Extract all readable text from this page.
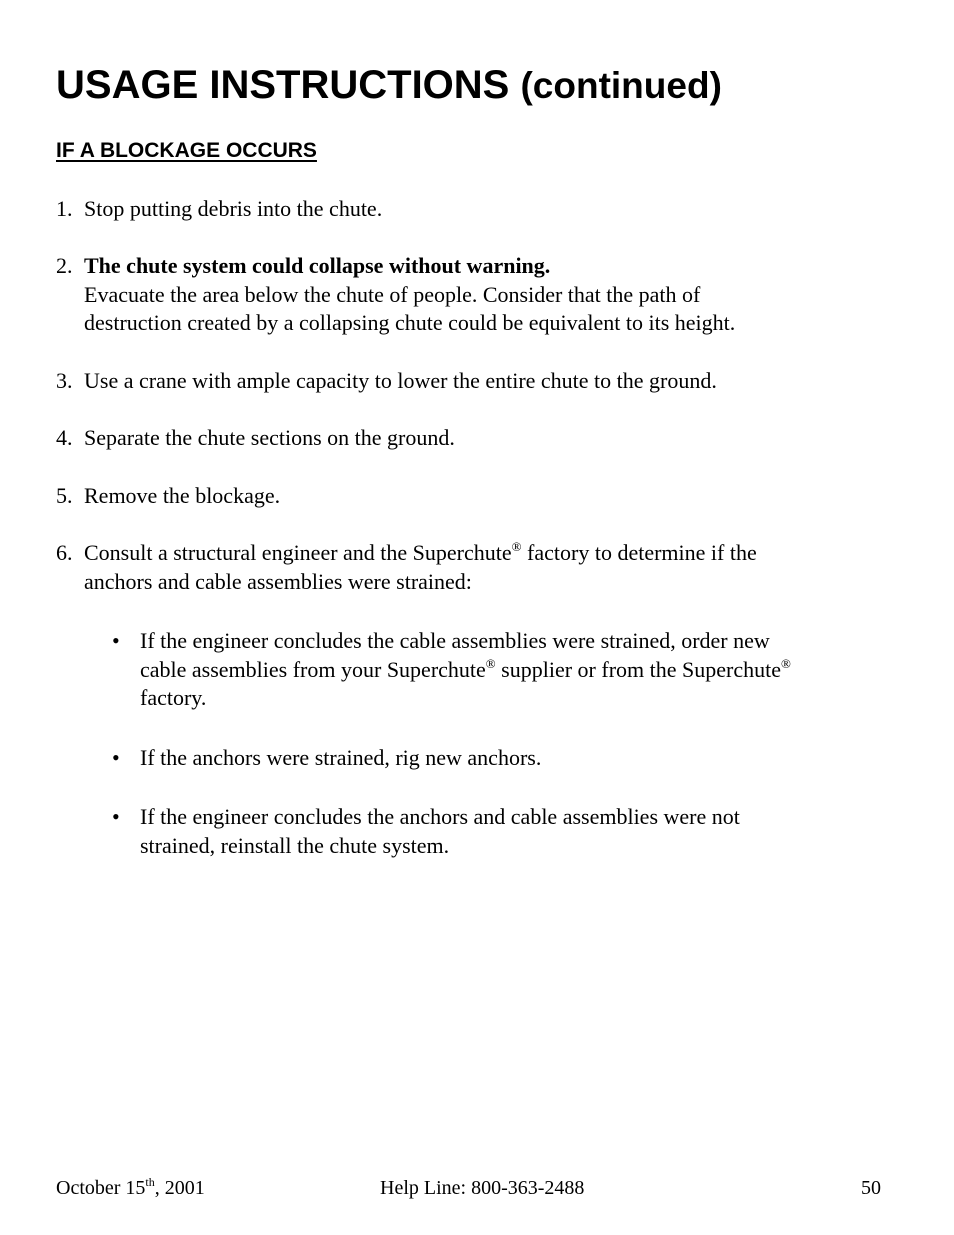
USAGE INSTRUCTIONS (continued)
IF A BLOCKAGE OCCURS
1. Stop putting debris into the chute.
2. The chute system could collapse without warning.
Evacuate the area below the chute of people. Consider that the path of
destruction created by a collapsing chute could be equivalent to its height.
3. Use a crane with ample capacity to lower the entire chute to the ground.
4. Separate the chute sections on the ground.
5. Remove the blockage.
6. Consult a structural engineer and the Superchute® factory to determine if the
anchors and cable assemblies were strained:
• If the engineer concludes the cable assemblies were strained, order new
cable assemblies from your Superchute® supplier or from the Superchute®
factory.
• If the anchors were strained, rig new anchors.
• If the engineer concludes the anchors and cable assemblies were not
strained, reinstall the chute system.
October 15th, 2001	Help Line: 800-363-2488	50
